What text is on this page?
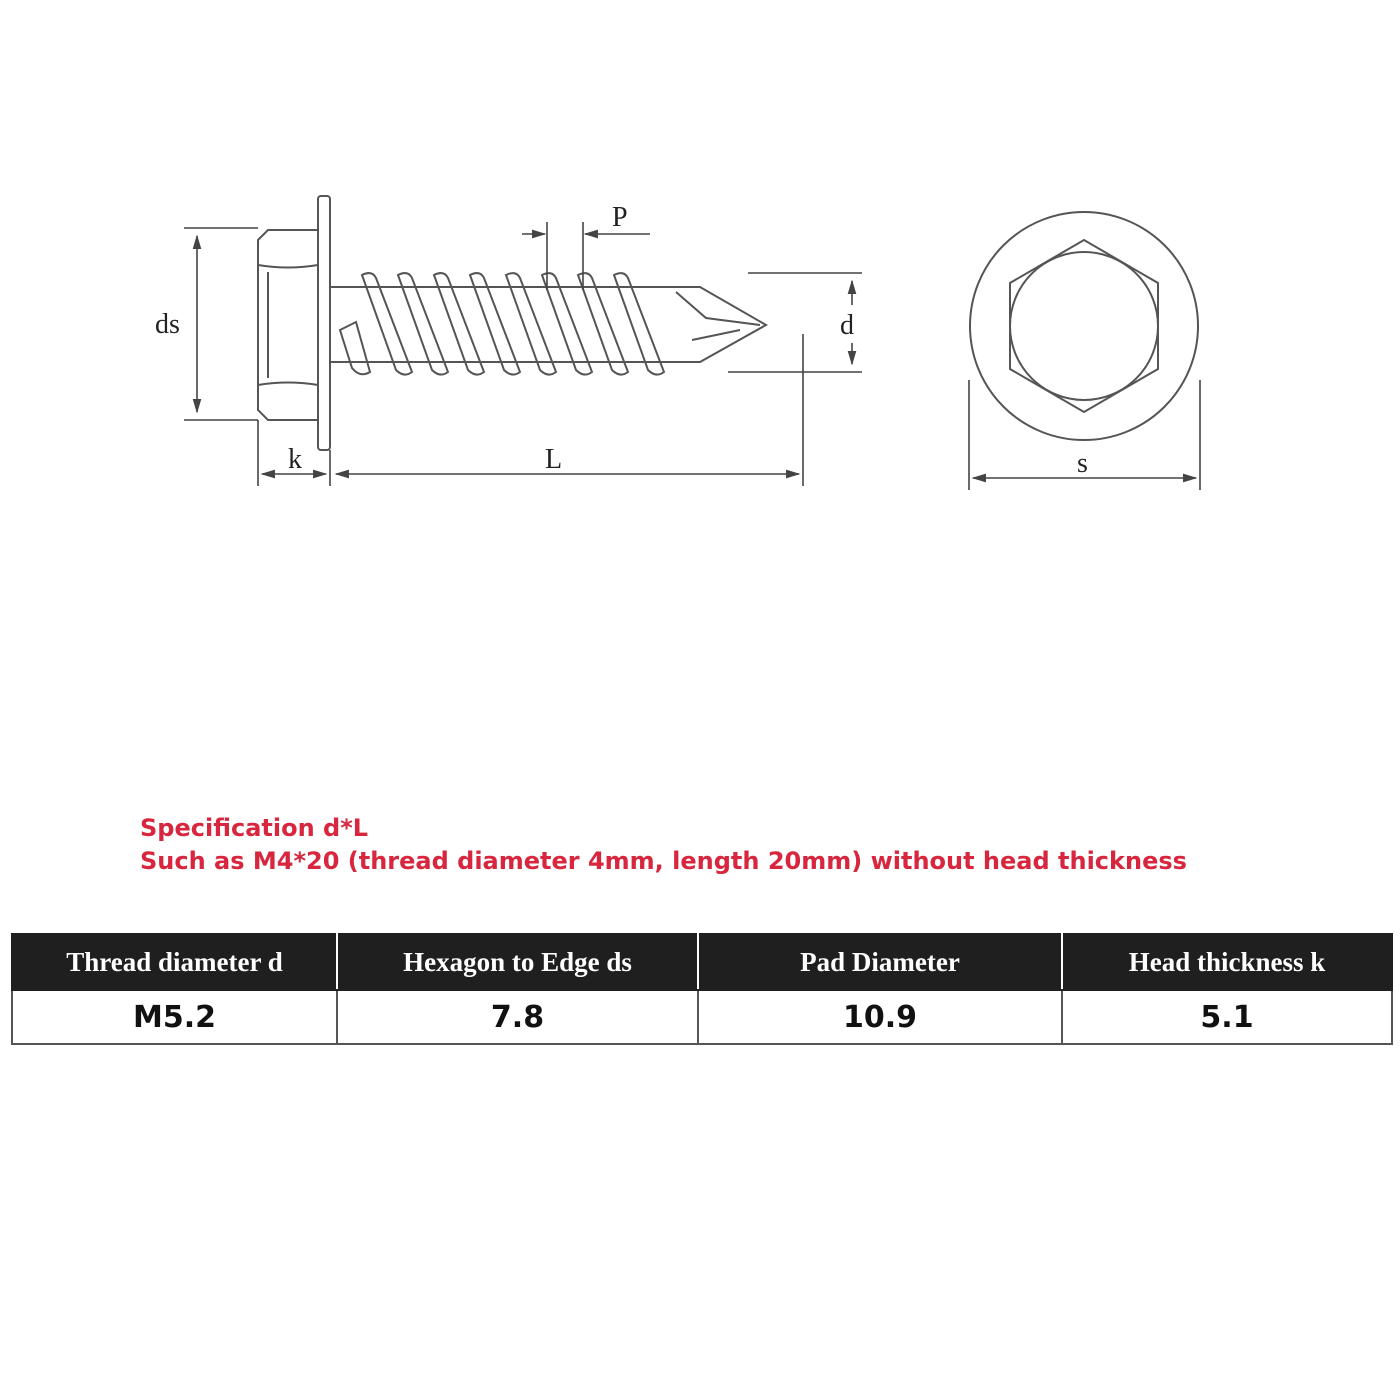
ds
k	L
d
P
s
Specification d*L
Such as M4*20 (thread diameter 4mm, length 20mm) without head thickness
Thread diameter d	Hexagon to Edge ds	Pad Diameter	Head thickness k
M5.2	7.8	10.9	5.1
